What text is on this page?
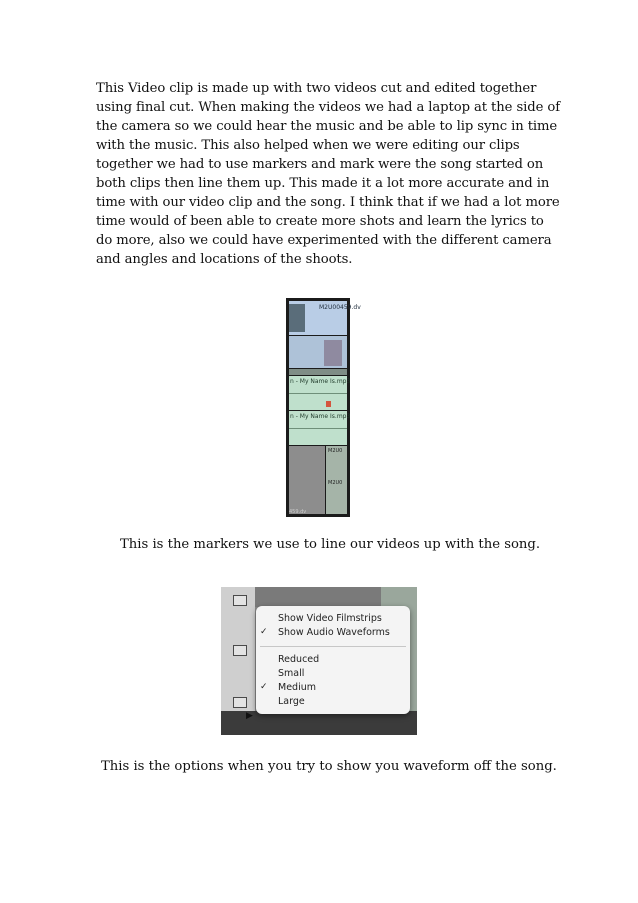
This Video clip is made up with two videos cut and edited together
using final cut. When making the videos we had a laptop at the side of
the camera so we could hear the music and be able to lip sync in time
with the music. This also helped when we were editing our clips
together we had to use markers and mark were the song started on
both clips then line them up. This made it a lot more accurate and in
time with our video clip and the song. I think that if we had a lot more
time would of been able to create more shots and learn the lyrics to
do more, also we could have experimented with the different camera
and angles and locations of the shoots.
M2U00459.dv
n - My Name Is.mp3
n - My Name Is.mp3
M2U0
M2U0
459.dv
This is the markers we use to line our videos up with the song.
▶
Show Video Filmstrips
✓ Show Audio Waveforms
Reduced
Small
✓ Medium
Large
This is the options when you try to show you waveform off the song.
